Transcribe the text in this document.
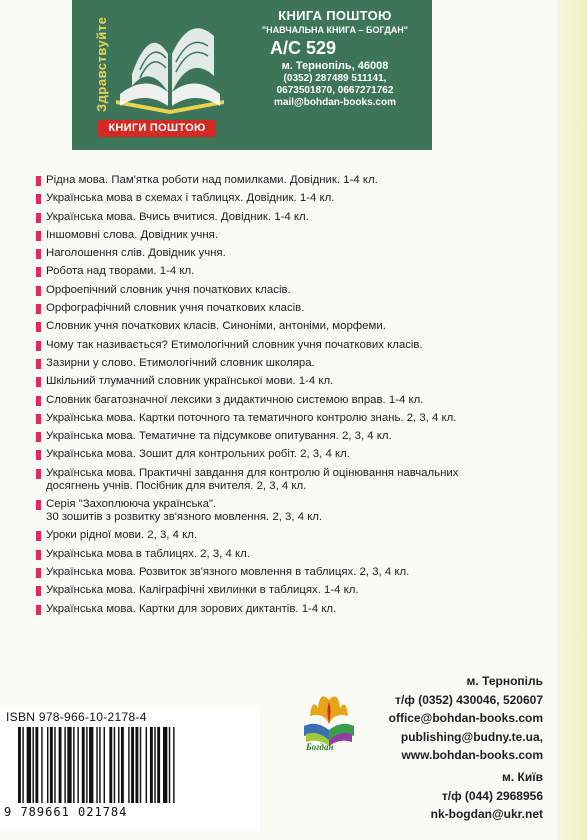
Здравствуйте
КНИГИ ПОШТОЮ
КНИГА ПОШТОЮ
"НАВЧАЛЬНА КНИГА – БОГДАН"
А/С 529
м. Тернопіль, 46008
(0352) 287489 511141,
0673501870, 0667271762
mail@bohdan-books.com
Рідна мова. Пам'ятка роботи над помилками. Довідник. 1-4 кл.
Українська мова в схемах і таблицях. Довідник. 1-4 кл.
Українська мова. Вчись вчитися. Довідник. 1-4 кл.
Іншомовні слова. Довідник учня.
Наголошення слів. Довідник учня.
Робота над творами. 1-4 кл.
Орфоепічний словник учня початкових класів.
Орфографічний словник учня початкових класів.
Словник учня початкових класів. Синоніми, антоніми, морфеми.
Чому так називається? Етимологічний словник учня початкових класів.
Зазирни у слово. Етимологічний словник школяра.
Шкільний тлумачний словник української мови. 1-4 кл.
Словник багатозначної лексики з дидактичною системою вправ. 1-4 кл.
Українська мова. Картки поточного та тематичного контролю знань. 2, 3, 4 кл.
Українська мова. Тематичне та підсумкове опитування. 2, 3, 4 кл.
Українська мова. Зошит для контрольних робіт. 2, 3, 4 кл.
Українська мова. Практичні завдання для контролю й оцінювання навчальних
досягнень учнів. Посібник для вчителя. 2, 3, 4 кл.
Серія "Захоплююча українська".
30 зошитів з розвитку зв'язного мовлення. 2, 3, 4 кл.
Уроки рідної мови. 2, 3, 4 кл.
Українська мова в таблицях. 2, 3, 4 кл.
Українська мова. Розвиток зв'язного мовлення в таблицях. 2, 3, 4 кл.
Українська мова. Каліграфічні хвилинки в таблицях. 1-4 кл.
Українська мова. Картки для зорових диктантів. 1-4 кл.
Богдан
м. Тернопіль
т/ф (0352) 430046, 520607
office@bohdan-books.com
publishing@budny.te.ua,
www.bohdan-books.com
м. Київ
т/ф (044) 2968956
nk-bogdan@ukr.net
ISBN 978-966-10-2178-4
9 789661 021784
